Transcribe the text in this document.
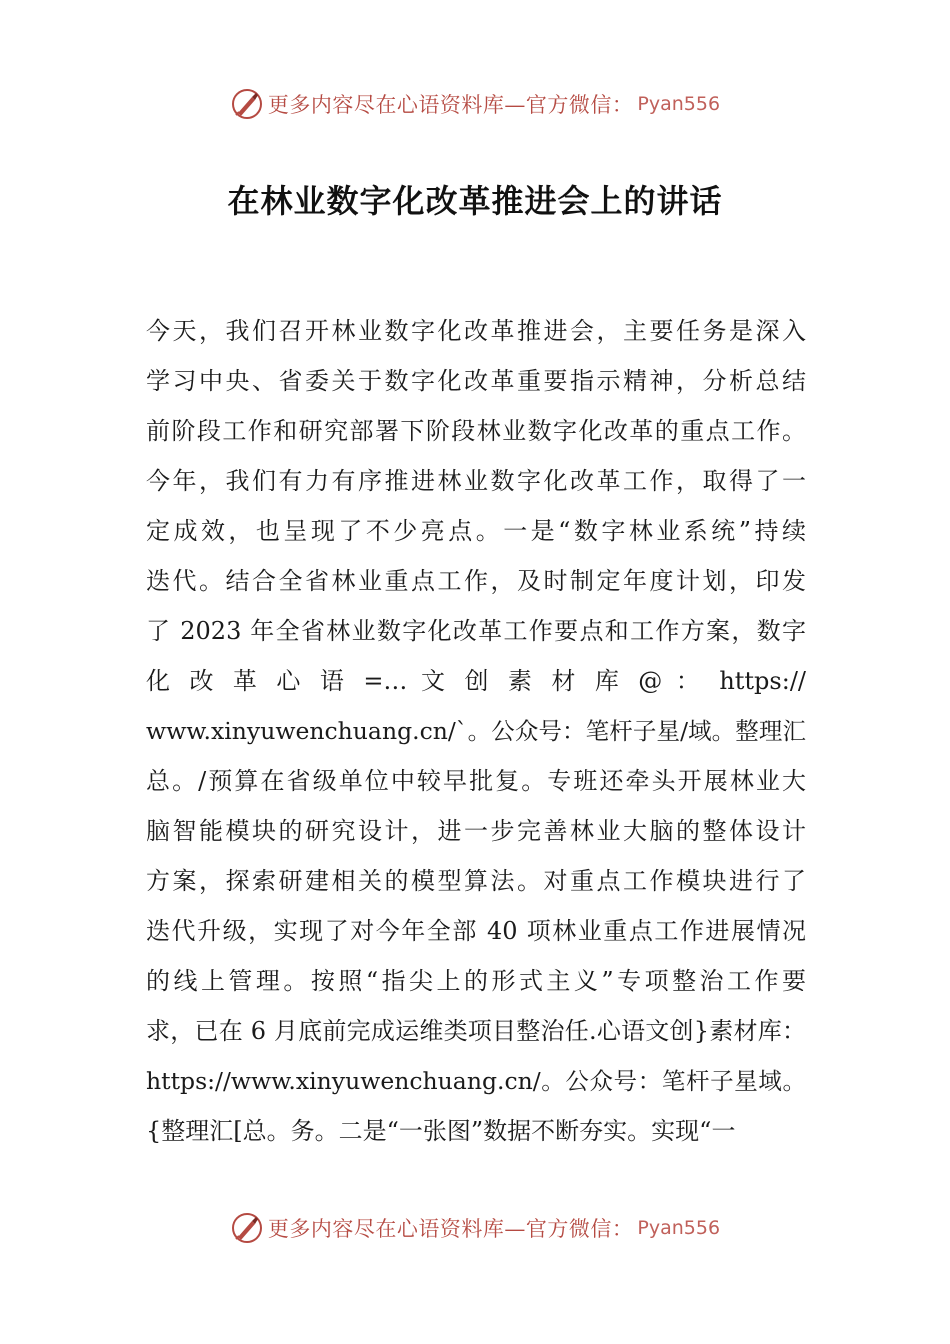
更多内容尽在心语资料库—官方微信： Pyan556
在林业数字化改革推进会上的讲话
今天，我们召开林业数字化改革推进会，主要任务是深入
学习中央、省委关于数字化改革重要指示精神，分析总结
前阶段工作和研究部署下阶段林业数字化改革的重点工作。
今年，我们有力有序推进林业数字化改革工作，取得了一
定成效，也呈现了不少亮点。一是“数字林业系统”持续
迭代。结合全省林业重点工作，及时制定年度计划，印发
了 2023 年全省林业数字化改革工作要点和工作方案，数字
化 改 革 心 语 =… 文 创 素 材 库 @ ： https://
www.xinyuwenchuang.cn/`。公众号：笔杆子星/域。整理汇
总。/预算在省级单位中较早批复。专班还牵头开展林业大
脑智能模块的研究设计，进一步完善林业大脑的整体设计
方案，探索研建相关的模型算法。对重点工作模块进行了
迭代升级，实现了对今年全部 40 项林业重点工作进展情况
的线上管理。按照“指尖上的形式主义”专项整治工作要
求，已在 6 月底前完成运维类项目整治任.心语文创}素材库：
https://www.xinyuwenchuang.cn/。公众号：笔杆子星域。
{整理汇[总。务。二是“一张图”数据不断夯实。实现“一
更多内容尽在心语资料库—官方微信： Pyan556
